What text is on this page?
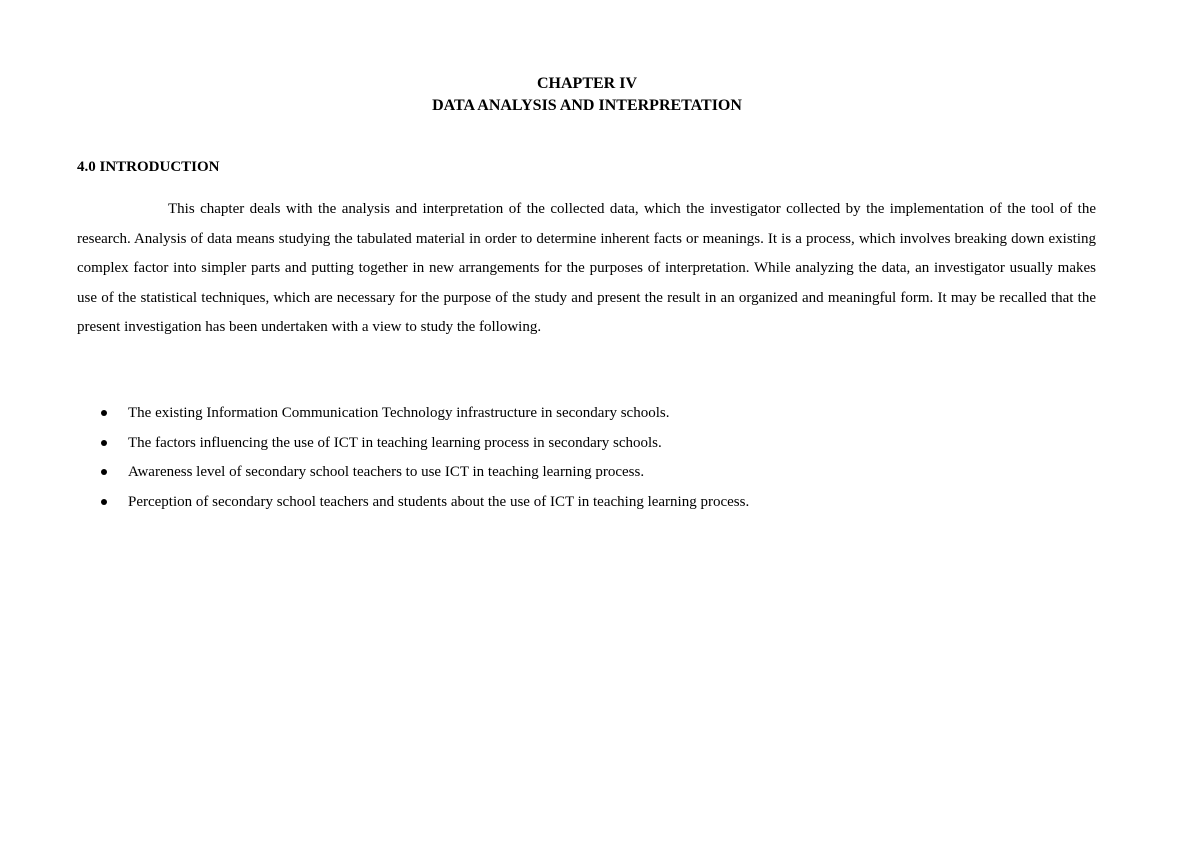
CHAPTER IV
DATA ANALYSIS AND INTERPRETATION
4.0 INTRODUCTION

This chapter deals with the analysis and interpretation of the collected data, which the investigator collected by the implementation of the tool of the research. Analysis of data means studying the tabulated material in order to determine inherent facts or meanings. It is a process, which involves breaking down existing complex factor into simpler parts and putting together in new arrangements for the purposes of interpretation. While analyzing the data, an investigator usually makes use of the statistical techniques, which are necessary for the purpose of the study and present the result in an organized and meaningful form. It may be recalled that the present investigation has been undertaken with a view to study the following.

The existing Information Communication Technology infrastructure in secondary schools.
The factors influencing the use of ICT in teaching learning process in secondary schools.
Awareness level of secondary school teachers to use ICT in teaching learning process.
Perception of secondary school teachers and students about the use of ICT in teaching learning process.
